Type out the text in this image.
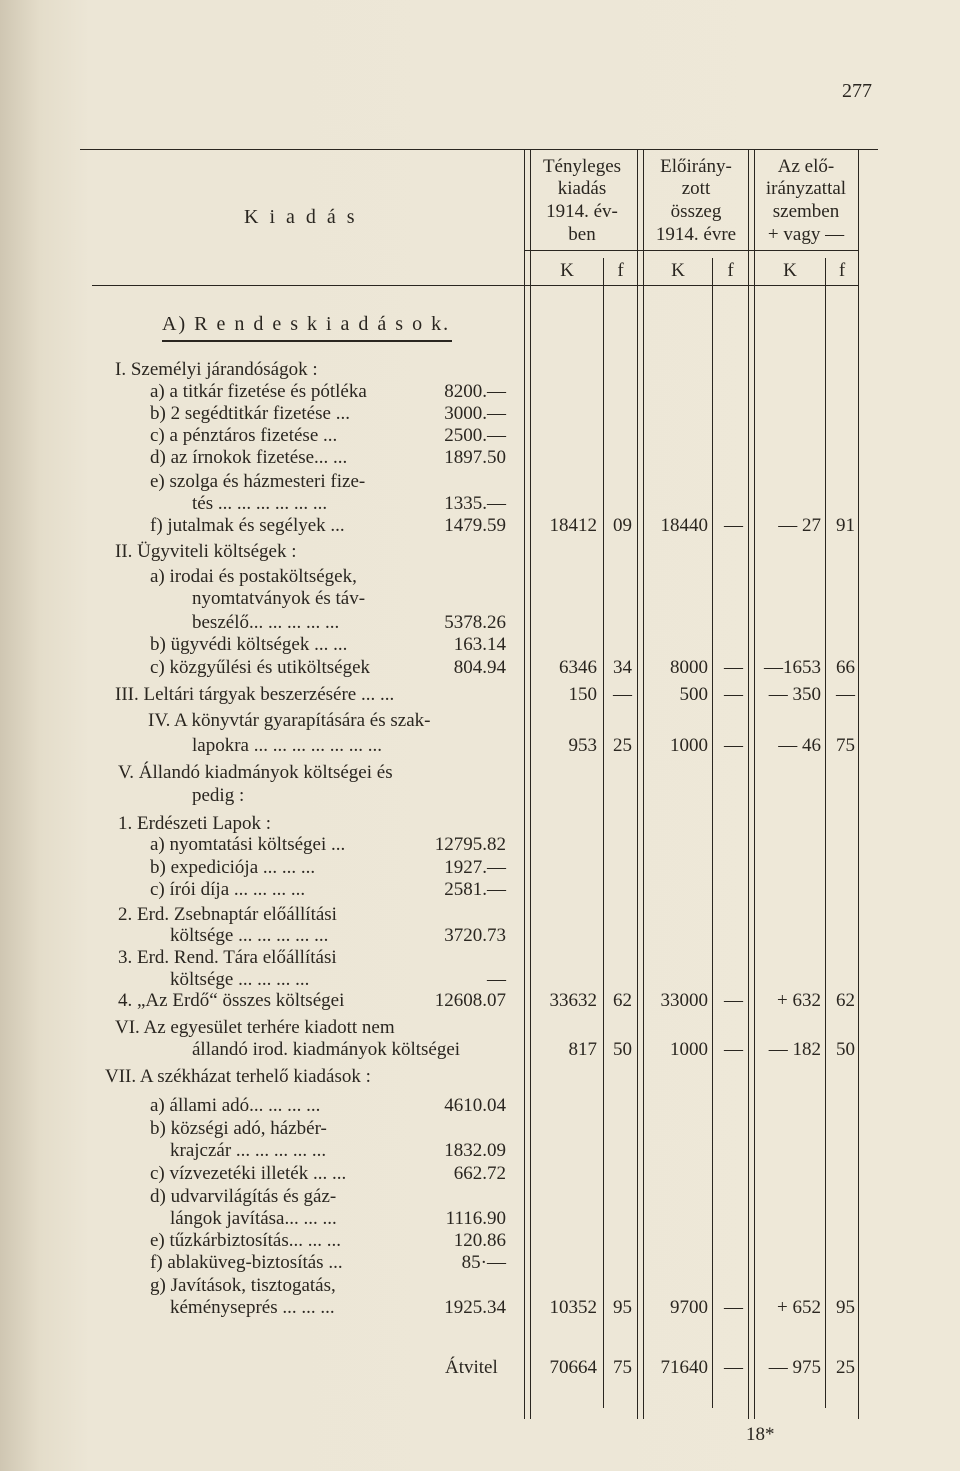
277
K i a d á s
Tényleges
kiadás
1914. év-
ben
Előirány-
zott
összeg
1914. évre
Az elő-
irányzattal
szemben
+ vagy —
K	f	K	f	K	f
A) R e n d e s k i a d á s o k.
I. Személyi járandóságok :
a) a titkár fizetése és pótléka	8200.—
b) 2 segédtitkár fizetése ...	3000.—
c) a pénztáros fizetése ...	2500.—
d) az írnokok fizetése... ...	1897.50
e) szolga és házmesteri fize-
tés ... ... ... ... ... ...	1335.—
f) jutalmak és segélyek ...	1479.59	18412 09	18440 —	— 27 91
II. Ügyviteli költségek :
a) irodai és postaköltségek,
nyomtatványok és táv-
beszélő... ... ... ... ...	5378.26
b) ügyvédi költségek ... ...	163.14
c) közgyűlési és utiköltségek	804.94	6346 34	8000 —	—1653 66
III. Leltári tárgyak beszerzésére ... ...	150 —	500 —	— 350 —
IV. A könyvtár gyarapítására és szak-
lapokra ... ... ... ... ... ... ...	953 25	1000 —	— 46 75
V. Állandó kiadmányok költségei és
pedig :
1. Erdészeti Lapok :
a) nyomtatási költségei ...	12795.82
b) expediciója ... ... ...	1927.—
c) írói díja ... ... ... ...	2581.—
2. Erd. Zsebnaptár előállítási
költsége ... ... ... ... ...	3720.73
3. Erd. Rend. Tára előállítási
költsége ... ... ... ...	—
4. „Az Erdő“ összes költségei	12608.07	33632 62	33000 —	+ 632 62
VI. Az egyesület terhére kiadott nem
állandó irod. kiadmányok költségei	817 50	1000 —	— 182 50
VII. A székházat terhelő kiadások :
a) állami adó... ... ... ...	4610.04
b) községi adó, házbér-
krajczár ... ... ... ... ...	1832.09
c) vízvezetéki illeték ... ...	662.72
d) udvarvilágítás és gáz-
lángok javítása... ... ...	1116.90
e) tűzkárbiztosítás... ... ...	120.86
f) ablaküveg-biztosítás ...	85·—
g) Javítások, tisztogatás,
kéményseprés ... ... ...	1925.34	10352 95	9700 —	+ 652 95
Átvitel	70664 75	71640 —	— 975 25
18*
